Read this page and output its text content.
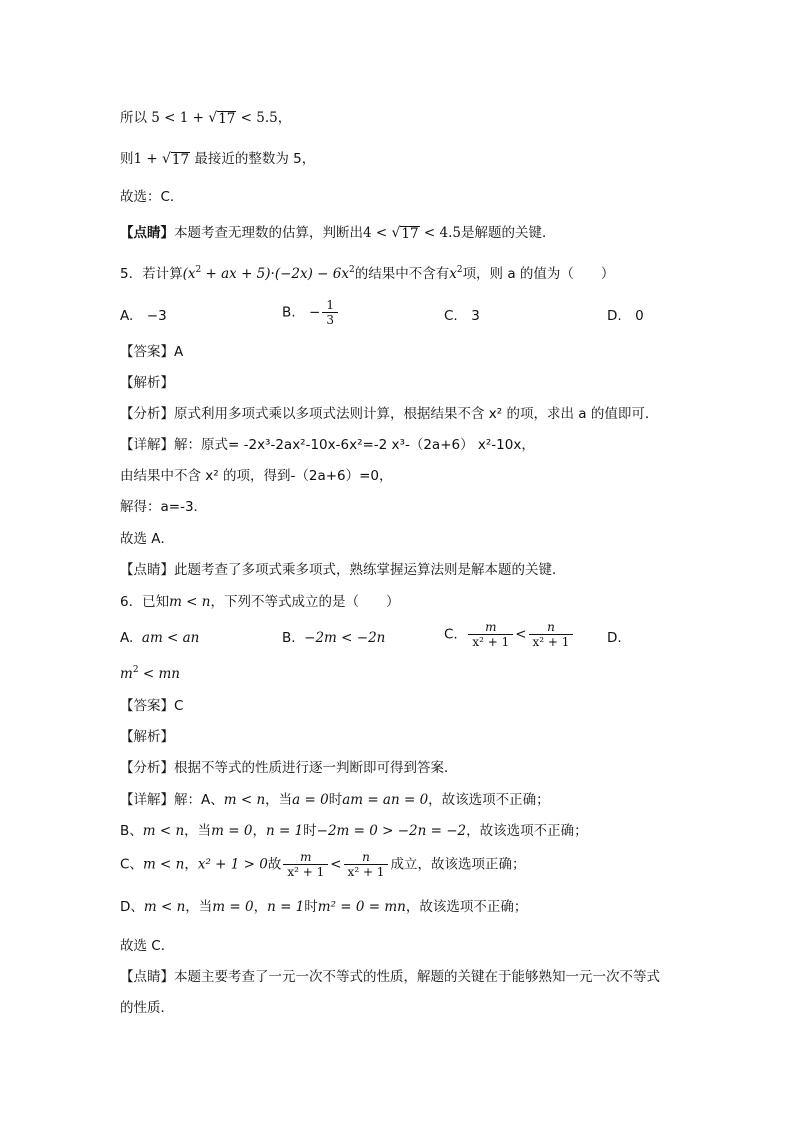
所以 5 < 1 + √ 17 < 5.5，
则1 + √ 17 最接近的整数为 5，
故选：C．
【点睛】本题考查无理数的估算，判断出4 < √ 17 < 4.5是解题的关键．
5．若计算($x^2$ + ax + $5)\cdot(-2x) - 6x^2$的结果中不含有$x^2$项，则 a 的值为（　　）
A.　−3	B.　− $\frac{1}{3}$	C.　3	D.　0
【答案】A
【解析】
【分析】原式利用多项式乘以多项式法则计算，根据结果不含 x² 的项，求出 a 的值即可．
【详解】解：原式= -2x³-2ax²-10x-6x²=-2 x³-（2a+6） x²-10x，
由结果中不含 x² 的项，得到-（2a+6）=0，
解得：a=-3．
故选 A．
【点睛】此题考查了多项式乘多项式，熟练掌握运算法则是解本题的关键．
6．已知m < n，下列不等式成立的是（　　）
A. am < an	B. −2m < −2n	C. $\frac{m}{\text{x² + 1}} < \frac{n}{\text{x² + 1}} D$.
$m^2$ < mn
【答案】C
【解析】
【分析】根据不等式的性质进行逐一判断即可得到答案．
【详解】解：A、m < n，当a = 0时am = an = 0，故该选项不正确；
B、m < n，当m = 0，n = 1时−2m = 0 > −2n = −2，故该选项不正确；
C、m < n，x² + 1 > 0故 $\frac{m}{\text{x² + 1}} < \frac{n}{\text{x² + 1}}$ 成立，故该选项正确；
D、m < n，当m = 0，n = 1时m² = 0 = mn，故该选项不正确；
故选 C．
【点睛】本题主要考查了一元一次不等式的性质，解题的关键在于能够熟知一元一次不等式
的性质．
